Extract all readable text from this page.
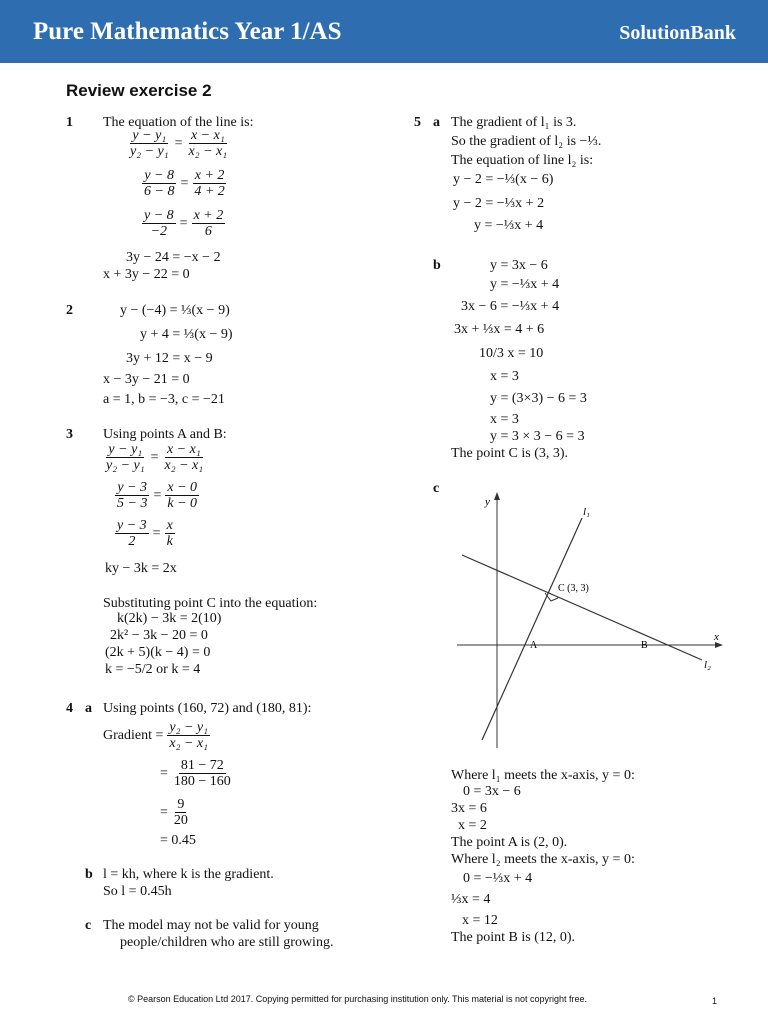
Pure Mathematics Year 1/AS	SolutionBank
Review exercise 2
1 The equation of the line is:
$\frac{\text{y − y₁}}{\text{y₂ − y₁}} = \frac{\text{x − x₁}}{\text{x₂ − x₁}}$
$\frac{y - 8}{6 - 8} = \frac{x + 2}{4 + 2}$
$\frac{y - 8}{-2} = \frac{x + 2}{6}$
3y − 24 = −x − 2
x + 3y − 22 = 0
2	y − (−4) = ⅓(x − 9)
y + 4 = ⅓(x − 9)
3y + 12 = x − 9
x − 3y − 21 = 0
a = 1, b = −3, c = −21
3 Using points A and B:
$\frac{\text{y − y₁}}{\text{y₂ − y₁}} = \frac{\text{x − x₁}}{\text{x₂ − x₁}}$
$\frac{y - 3}{5 - 3} = \frac{x - 0}{k - 0}$
$\frac{y - 3}{2} = \frac{x}{k}$
ky − 3k = 2x
Substituting point C into the equation:
k(2k) − 3k = 2(10)
2k² − 3k − 20 = 0
(2k + 5)(k − 4) = 0
k = −5/2 or k = 4
4 a Using points (160, 72) and (180, 81):
Gradient = $\frac{\text{y₂ − y₁}}{\text{x₂ − x₁}}$
= $\frac{81 - 72}{180 - 160}$
= $\frac{9}{20}$
= 0.45
b l = kh, where k is the gradient.
So l = 0.45h
c The model may not be valid for young
people/children who are still growing.
5 a The gradient of l₁ is 3.
So the gradient of l₂ is −⅓.
The equation of line l₂ is:
y − 2 = −⅓(x − 6)
y − 2 = −⅓x + 2
y = −⅓x + 4
b	y = 3x − 6
y = −⅓x + 4
3x − 6 = −⅓x + 4
3x + ⅓x = 4 + 6
10/3 x = 10
x = 3
y = (3×3) − 6 = 3
x = 3
y = 3 × 3 − 6 = 3
The point C is (3, 3).
c
y
x
l₁
l₂
C (3, 3)
A	B
Where l₁ meets the x-axis, y = 0:
0 = 3x − 6
3x = 6
x = 2
The point A is (2, 0).
Where l₂ meets the x-axis, y = 0:
0 = −⅓x + 4
⅓x = 4
x = 12
The point B is (12, 0).
© Pearson Education Ltd 2017. Copying permitted for purchasing institution only. This material is not copyright free.	1
